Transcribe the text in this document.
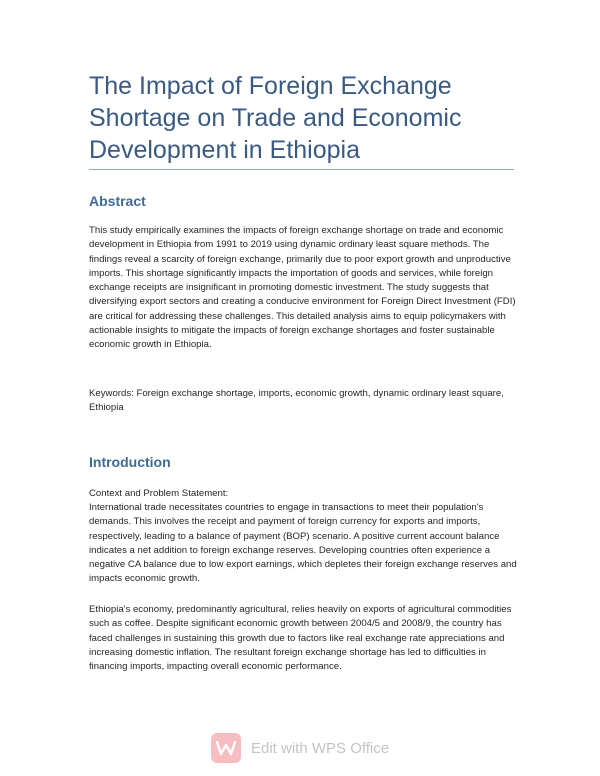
The Impact of Foreign Exchange Shortage on Trade and Economic Development in Ethiopia
Abstract

This study empirically examines the impacts of foreign exchange shortage on trade and economic development in Ethiopia from 1991 to 2019 using dynamic ordinary least square methods. The findings reveal a scarcity of foreign exchange, primarily due to poor export growth and unproductive imports. This shortage significantly impacts the importation of goods and services, while foreign exchange receipts are insignificant in promoting domestic investment. The study suggests that diversifying export sectors and creating a conducive environment for Foreign Direct Investment (FDI) are critical for addressing these challenges. This detailed analysis aims to equip policymakers with actionable insights to mitigate the impacts of foreign exchange shortages and foster sustainable economic growth in Ethiopia.

Keywords: Foreign exchange shortage, imports, economic growth, dynamic ordinary least square, Ethiopia

Introduction

Context and Problem Statement:

International trade necessitates countries to engage in transactions to meet their population's demands. This involves the receipt and payment of foreign currency for exports and imports, respectively, leading to a balance of payment (BOP) scenario. A positive current account balance indicates a net addition to foreign exchange reserves. Developing countries often experience a negative CA balance due to low export earnings, which depletes their foreign exchange reserves and impacts economic growth.

Ethiopia's economy, predominantly agricultural, relies heavily on exports of agricultural commodities such as coffee. Despite significant economic growth between 2004/5 and 2008/9, the country has faced challenges in sustaining this growth due to factors like real exchange rate appreciations and increasing domestic inflation. The resultant foreign exchange shortage has led to difficulties in financing imports, impacting overall economic performance.

Edit with WPS Office
